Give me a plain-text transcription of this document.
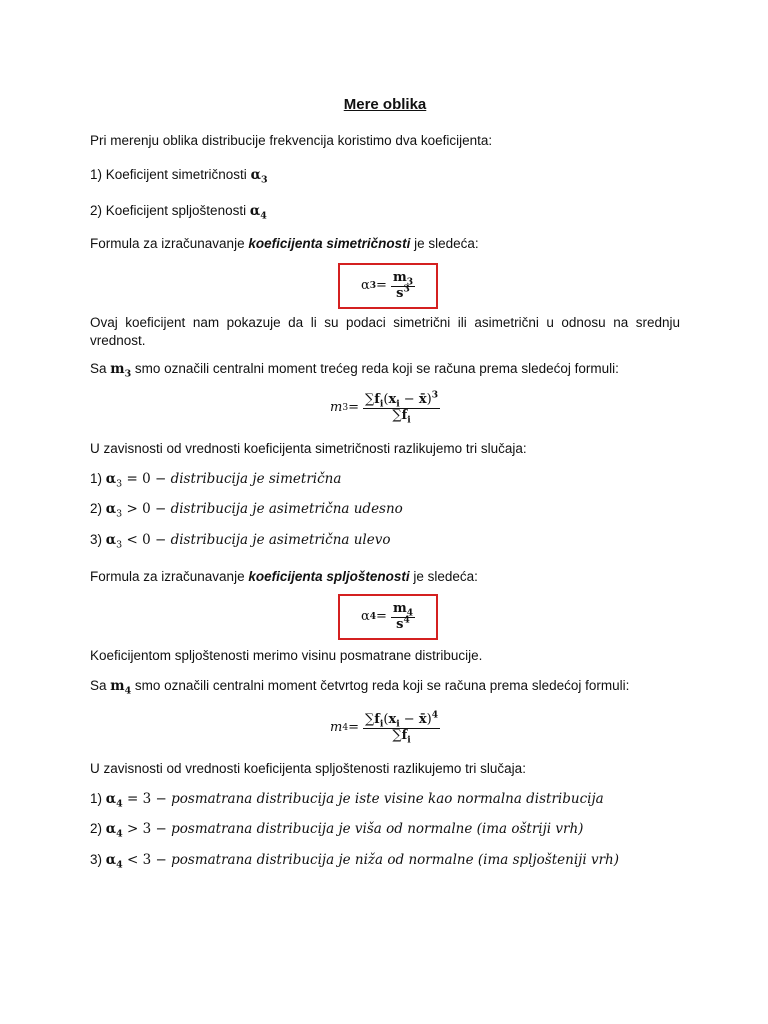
Mere oblika
Pri merenju oblika distribucije frekvencija koristimo dva koeficijenta:
1) Koeficijent simetričnosti $\alpha_3$
2) Koeficijent spljoštenosti $\alpha_4$
Formula za izračunavanje koeficijenta simetričnosti je sledeća:
α $3 = \frac{m_3}{s^3}$
Ovaj koeficijent nam pokazuje da li su podaci simetrični ili asimetrični u odnosu na srednju vrednost.
Sa $m_3$ smo označili centralni moment trećeg reda koji se računa prema sledećoj formuli:
m $3 = \frac{\sum f_i(x_i - x̄)^3}{\sum f_i}$
U zavisnosti od vrednosti koeficijenta simetričnosti razlikujemo tri slučaja:
1) $\alpha_3 = 0$ − distribucija je simetrična
2) $\alpha_3 > 0$ − distribucija je asimetrična udesno
3) $\alpha_3 < 0$ − distribucija je asimetrična ulevo
Formula za izračunavanje koeficijenta spljoštenosti je sledeća:
α $4 = \frac{m_4}{s^4}$
Koeficijentom spljoštenosti merimo visinu posmatrane distribucije.
Sa $m_4$ smo označili centralni moment četvrtog reda koji se računa prema sledećoj formuli:
m $4 = \frac{\sum f_i(x_i - x̄)^4}{\sum f_i}$
U zavisnosti od vrednosti koeficijenta spljoštenosti razlikujemo tri slučaja:
1) $\alpha_4 = 3$ − posmatrana distribucija je iste visine kao normalna distribucija
2) $\alpha_4 > 3$ − posmatrana distribucija je viša od normalne (ima oštriji vrh)
3) $\alpha_4 < 3$ − posmatrana distribucija je niža od normalne (ima spljošteniji vrh)
